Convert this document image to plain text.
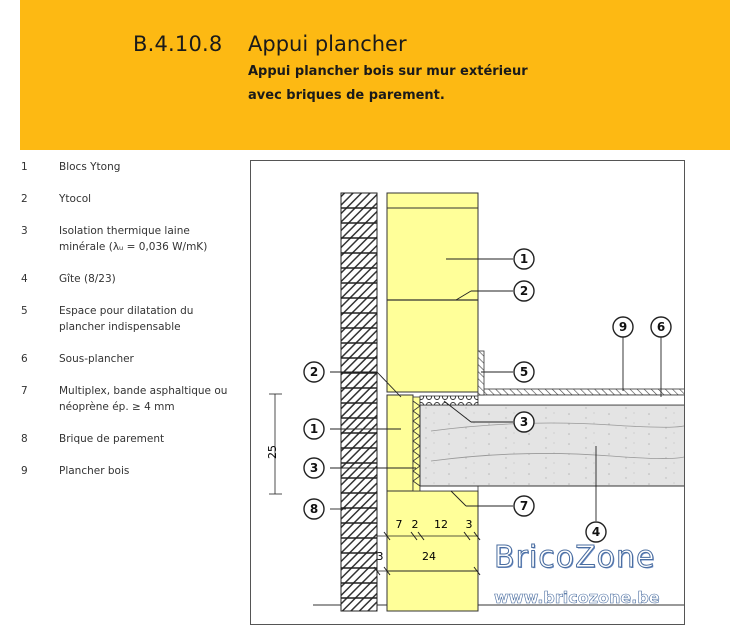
B.4.10.8 Appui plancher
Appui plancher bois sur mur extérieur
avec briques de parement.
1	Blocs Ytong
2	Ytocol
3	Isolation thermique laine
minérale (λᵤ = 0,036 W/mK)
4	Gîte (8/23)
5	Espace pour dilatation du
plancher indispensable
6	Sous-plancher
7	Multiplex, bande asphaltique ou
néoprène ép. ≥ 4 mm
8	Brique de parement
9	Plancher bois
25
7 2 12 3
3	24
1
2
9 6
2	5
1	3
3
7
8
4
BricoZone
www.bricozone.be
